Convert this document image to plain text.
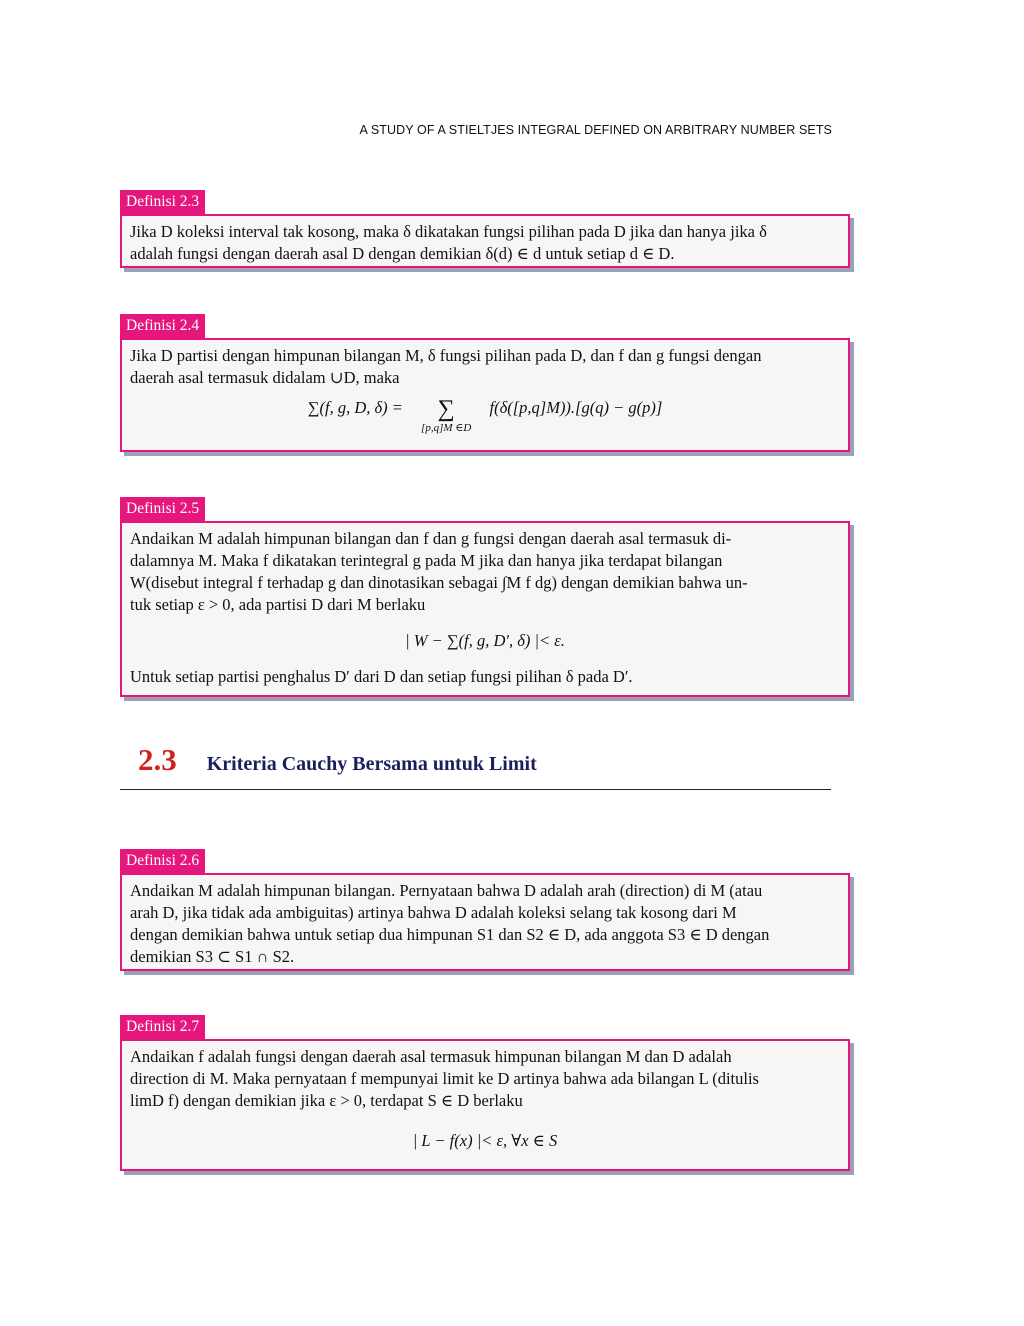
A STUDY OF A STIELTJES INTEGRAL DEFINED ON ARBITRARY NUMBER SETS
Definisi 2.3

Jika D koleksi interval tak kosong, maka δ dikatakan fungsi pilihan pada D jika dan hanya jika δ

adalah fungsi dengan daerah asal D dengan demikian δ(d) ∈ d untuk setiap d ∈ D.

Definisi 2.4

Jika D partisi dengan himpunan bilangan M, δ fungsi pilihan pada D, dan f dan g fungsi dengan

daerah asal termasuk didalam ∪D, maka

∑(f, g, D, δ) = ∑
[p,q]M ∈D
f(δ([p,q]M)).[g(q) − g(p)]

Definisi 2.5

Andaikan M adalah himpunan bilangan dan f dan g fungsi dengan daerah asal termasuk di-

dalamnya M. Maka f dikatakan terintegral g pada M jika dan hanya jika terdapat bilangan

W(disebut integral f terhadap g dan dinotasikan sebagai ∫M f dg) dengan demikian bahwa un-

tuk setiap ε > 0, ada partisi D dari M berlaku

| W − ∑(f, g, D′, δ) |< ε.

Untuk setiap partisi penghalus D′ dari D dan setiap fungsi pilihan δ pada D′.

2.3 Kriteria Cauchy Bersama untuk Limit
Definisi 2.6

Andaikan M adalah himpunan bilangan. Pernyataan bahwa D adalah arah (direction) di M (atau

arah D, jika tidak ada ambiguitas) artinya bahwa D adalah koleksi selang tak kosong dari M

dengan demikian bahwa untuk setiap dua himpunan S1 dan S2 ∈ D, ada anggota S3 ∈ D dengan

demikian S3 ⊂ S1 ∩ S2.

Definisi 2.7

Andaikan f adalah fungsi dengan daerah asal termasuk himpunan bilangan M dan D adalah

direction di M. Maka pernyataan f mempunyai limit ke D artinya bahwa ada bilangan L (ditulis

limD f) dengan demikian jika ε > 0, terdapat S ∈ D berlaku

| L − f(x) |< ε, ∀x ∈ S
